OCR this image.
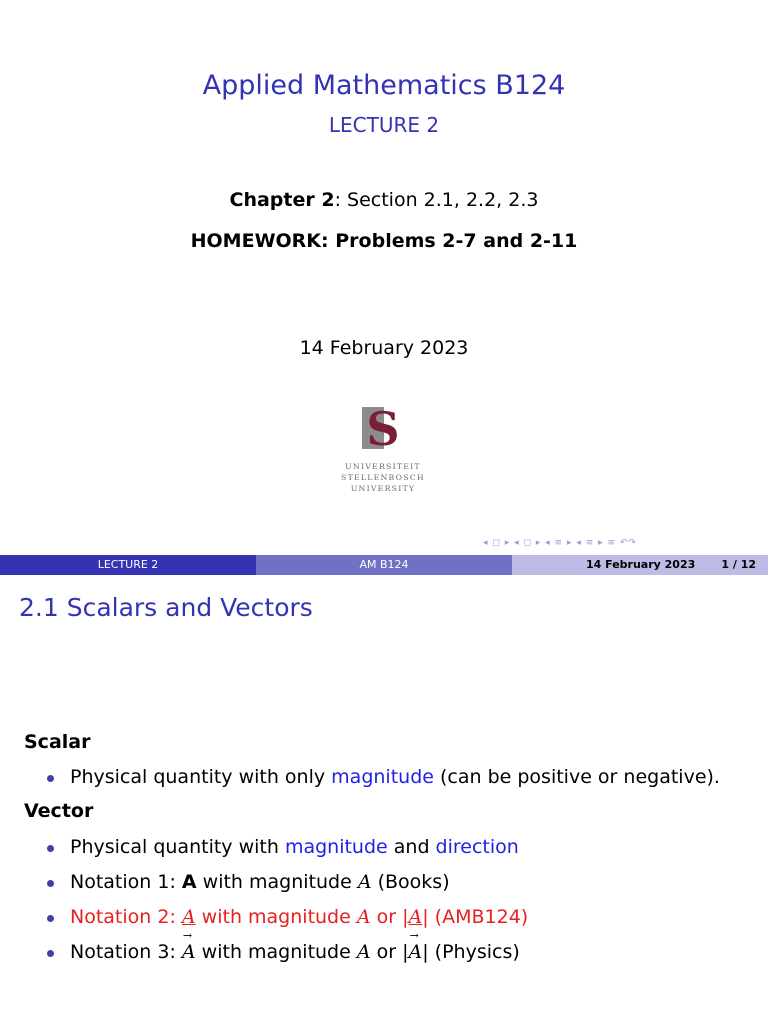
Applied Mathematics B124
LECTURE 2
Chapter 2: Section 2.1, 2.2, 2.3
HOMEWORK: Problems 2-7 and 2-11
14 February 2023
S
UNIVERSITEIT
STELLENBOSCH
UNIVERSITY
◂ ◻ ▸ ◂ ◻ ▸ ◂ ≡ ▸ ◂ ≡ ▸ ≡ ↶↷
LECTURE 2	AM B124	14 February 2023 1 / 12
2.1 Scalars and Vectors
Scalar
Physical quantity with only magnitude (can be positive or negative).
Vector
Physical quantity with magnitude and direction
Notation 1: A with magnitude A (Books)
Notation 2: A with magnitude A or |A| (AMB124)
Notation 3: A → with magnitude A or |A →| (Physics)
